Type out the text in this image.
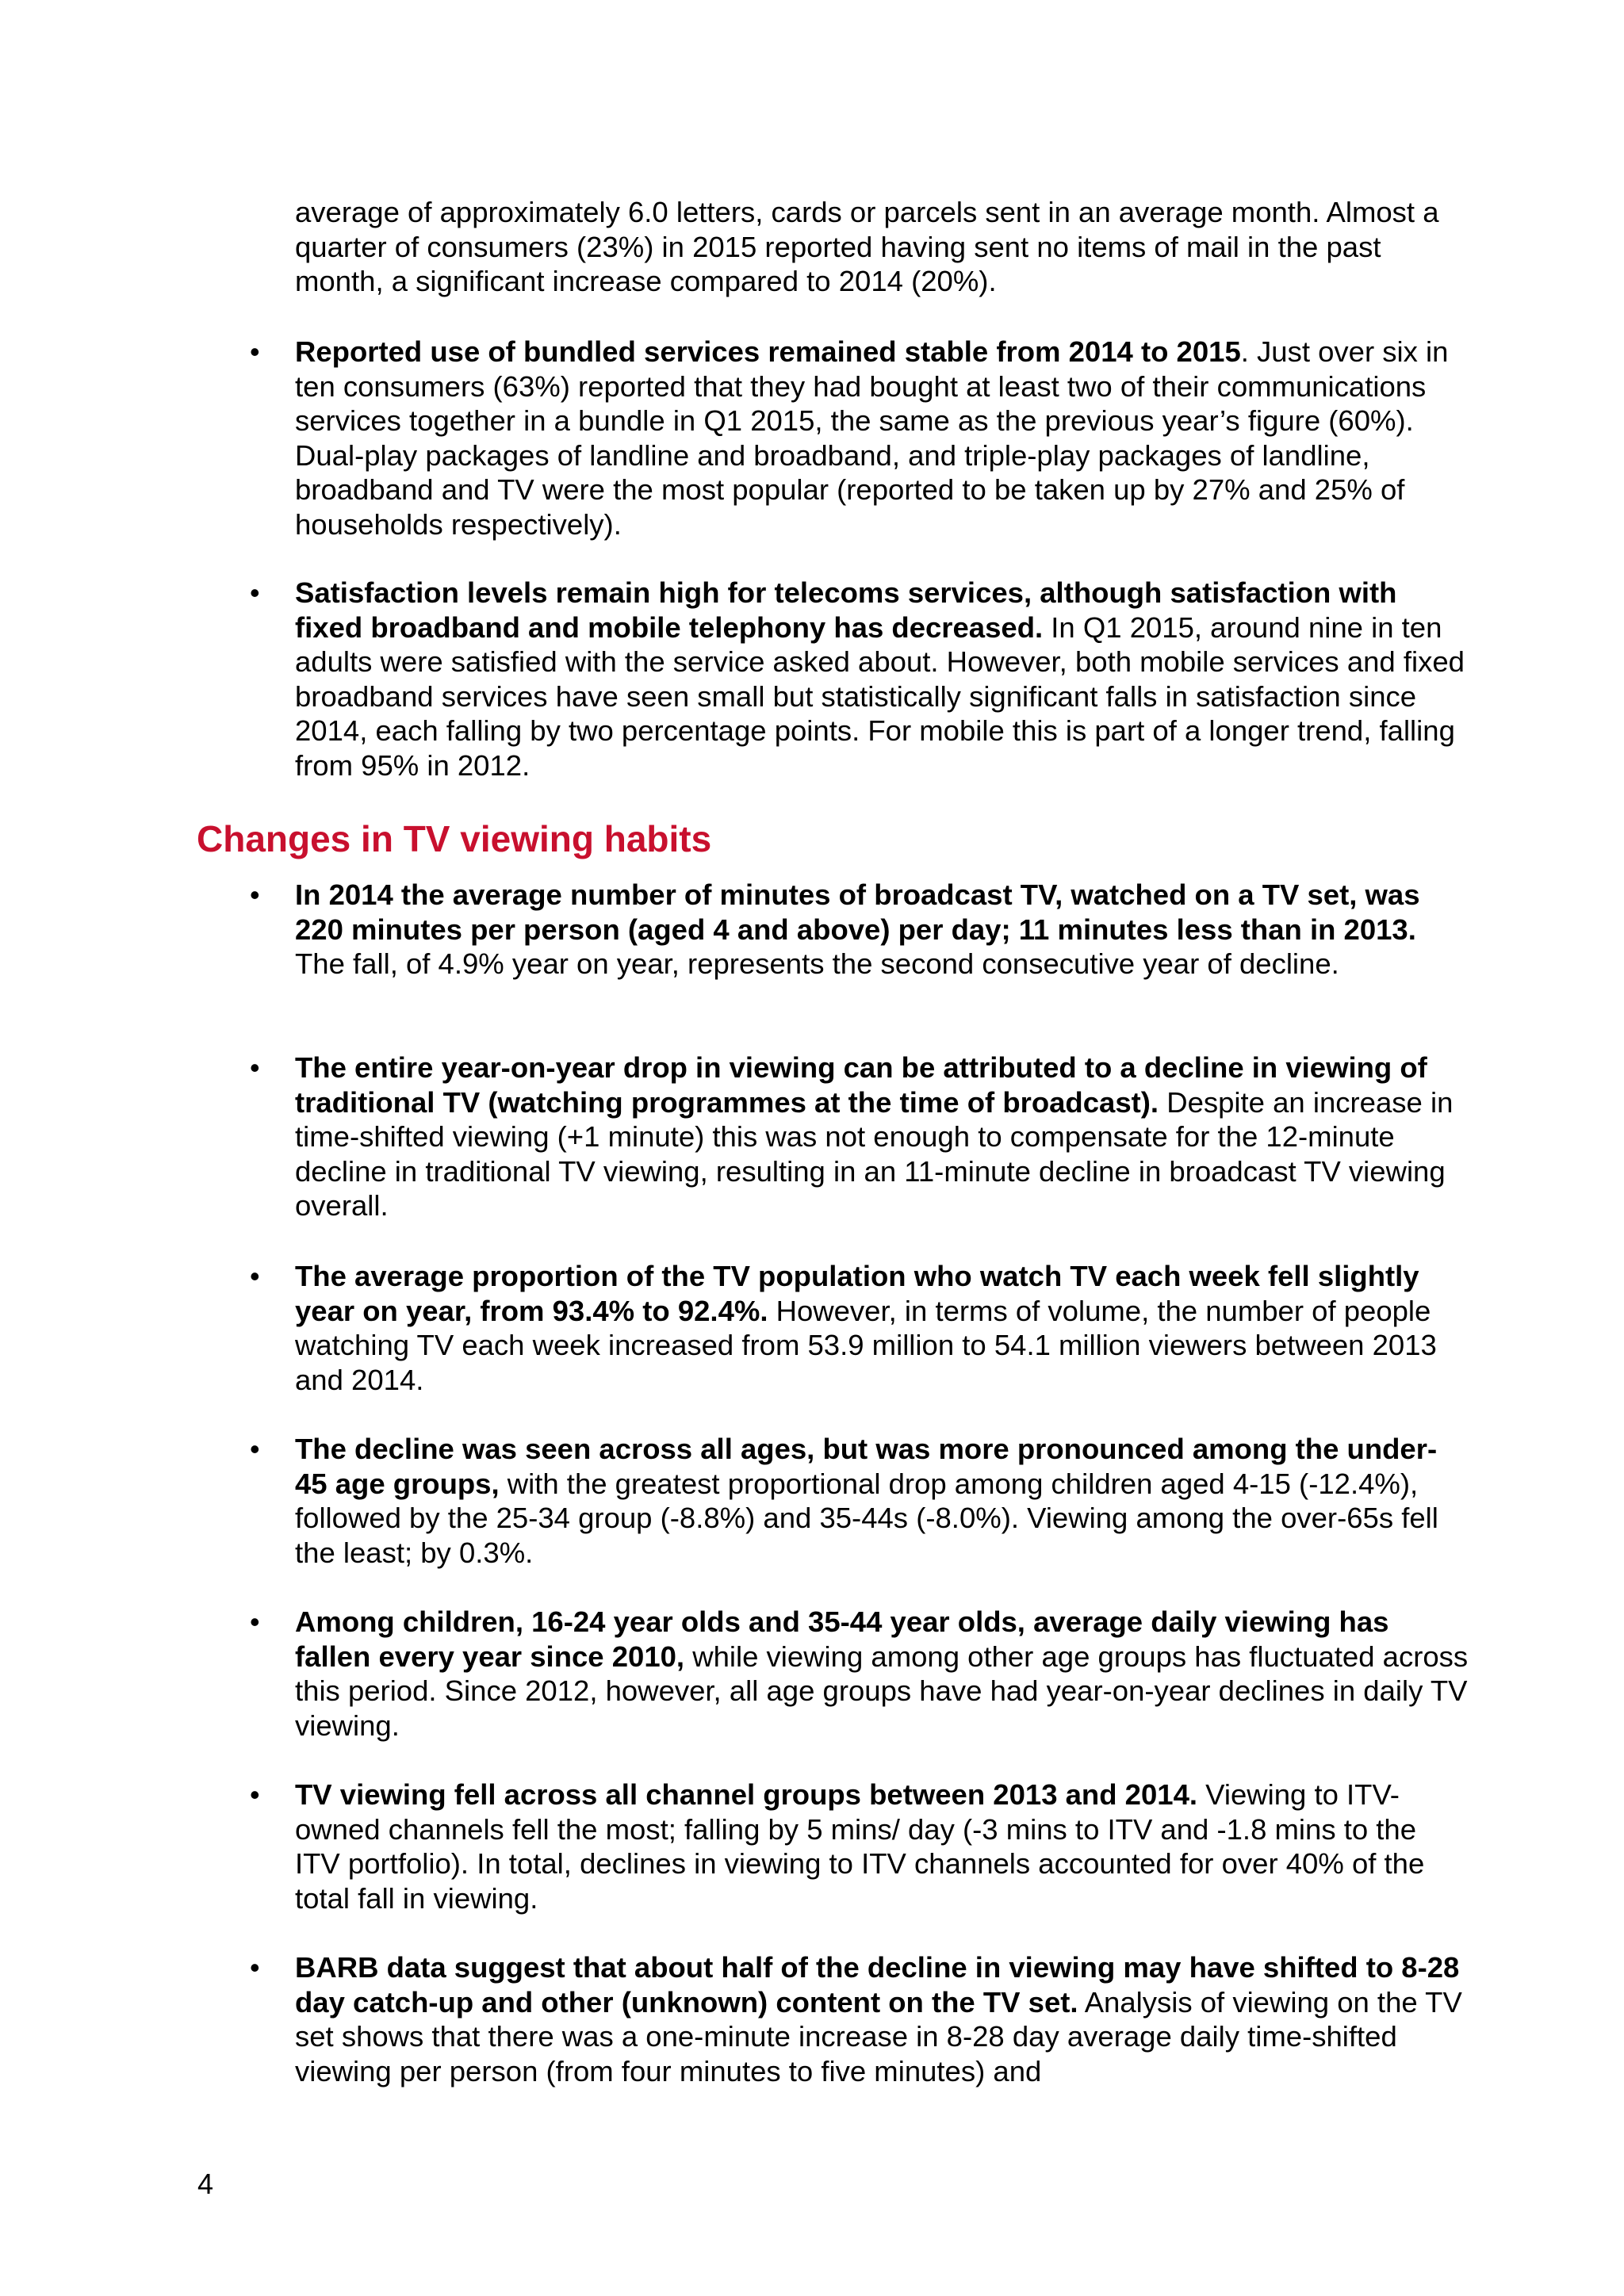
average of approximately 6.0 letters, cards or parcels sent in an average month. Almost a quarter of consumers (23%) in 2015 reported having sent no items of mail in the past month, a significant increase compared to 2014 (20%).

• Reported use of bundled services remained stable from 2014 to 2015. Just over six in ten consumers (63%) reported that they had bought at least two of their communications services together in a bundle in Q1 2015, the same as the previous year’s figure (60%). Dual-play packages of landline and broadband, and triple-play packages of landline, broadband and TV were the most popular (reported to be taken up by 27% and 25% of households respectively).

• Satisfaction levels remain high for telecoms services, although satisfaction with fixed broadband and mobile telephony has decreased. In Q1 2015, around nine in ten adults were satisfied with the service asked about. However, both mobile services and fixed broadband services have seen small but statistically significant falls in satisfaction since 2014, each falling by two percentage points. For mobile this is part of a longer trend, falling from 95% in 2012.

Changes in TV viewing habits
• In 2014 the average number of minutes of broadcast TV, watched on a TV set, was 220 minutes per person (aged 4 and above) per day; 11 minutes less than in 2013. The fall, of 4.9% year on year, represents the second consecutive year of decline.

• The entire year-on-year drop in viewing can be attributed to a decline in viewing of traditional TV (watching programmes at the time of broadcast). Despite an increase in time-shifted viewing (+1 minute) this was not enough to compensate for the 12-minute decline in traditional TV viewing, resulting in an 11-minute decline in broadcast TV viewing overall.

• The average proportion of the TV population who watch TV each week fell slightly year on year, from 93.4% to 92.4%. However, in terms of volume, the number of people watching TV each week increased from 53.9 million to 54.1 million viewers between 2013 and 2014.

• The decline was seen across all ages, but was more pronounced among the under-45 age groups, with the greatest proportional drop among children aged 4-15 (-12.4%), followed by the 25-34 group (-8.8%) and 35-44s (-8.0%). Viewing among the over-65s fell the least; by 0.3%.

• Among children, 16-24 year olds and 35-44 year olds, average daily viewing has fallen every year since 2010, while viewing among other age groups has fluctuated across this period. Since 2012, however, all age groups have had year-on-year declines in daily TV viewing.

• TV viewing fell across all channel groups between 2013 and 2014. Viewing to ITV-owned channels fell the most; falling by 5 mins/ day (-3 mins to ITV and -1.8 mins to the ITV portfolio). In total, declines in viewing to ITV channels accounted for over 40% of the total fall in viewing.

• BARB data suggest that about half of the decline in viewing may have shifted to 8-28 day catch-up and other (unknown) content on the TV set. Analysis of viewing on the TV set shows that there was a one-minute increase in 8-28 day average daily time-shifted viewing per person (from four minutes to five minutes) and

4
